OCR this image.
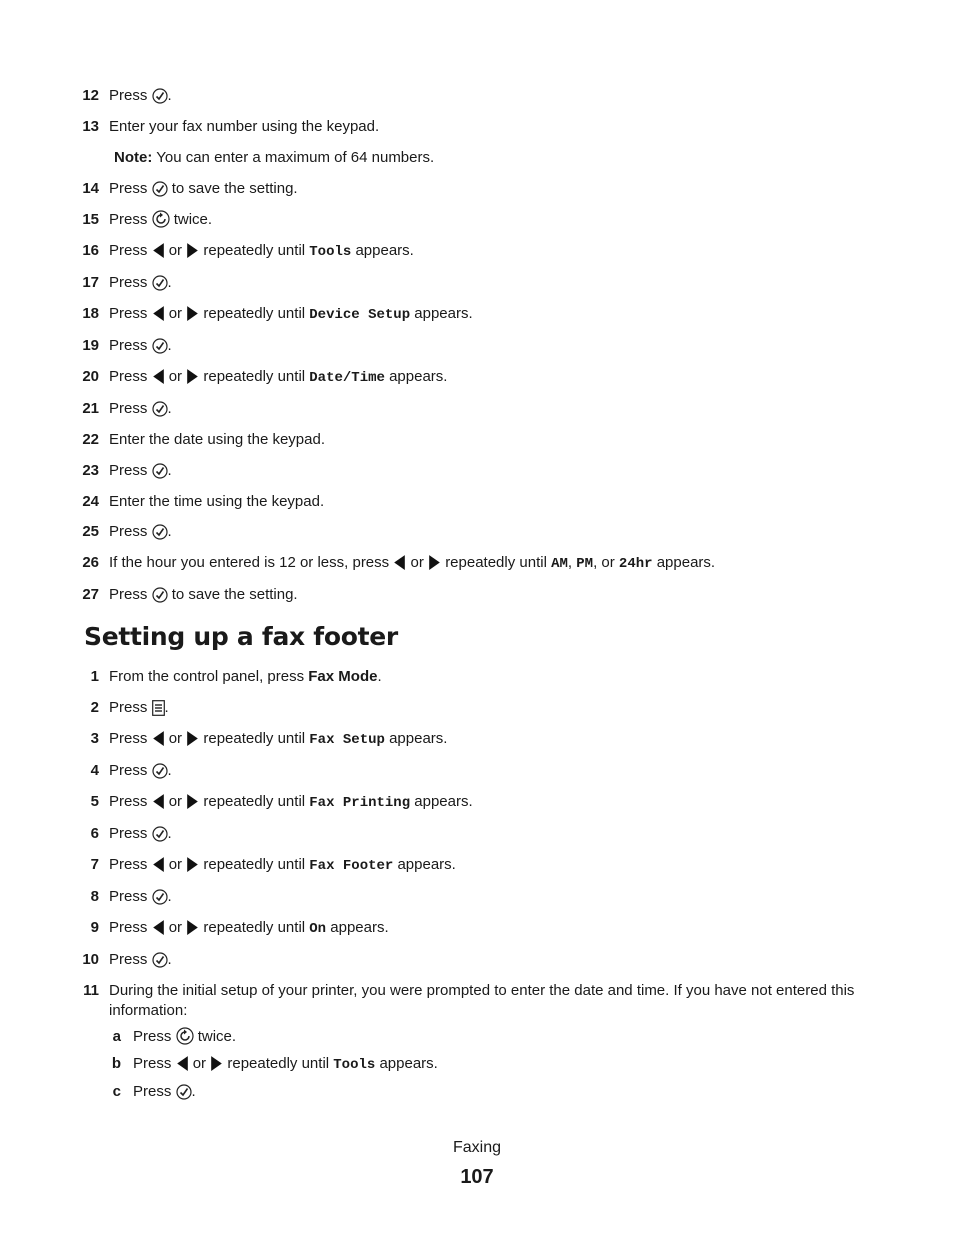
12 Press .
13 Enter your fax number using the keypad.
Note: You can enter a maximum of 64 numbers.
14 Press to save the setting.
15 Press twice.
16 Press or repeatedly until Tools appears.
17 Press .
18 Press or repeatedly until Device Setup appears.
19 Press .
20 Press or repeatedly until Date/Time appears.
21 Press .
22 Enter the date using the keypad.
23 Press .
24 Enter the time using the keypad.
25 Press .
26 If the hour you entered is 12 or less, press or repeatedly until AM, PM, or 24hr appears.
27 Press to save the setting.
Setting up a fax footer
1 From the control panel, press Fax Mode.
2 Press .
3 Press or repeatedly until Fax Setup appears.
4 Press .
5 Press or repeatedly until Fax Printing appears.
6 Press .
7 Press or repeatedly until Fax Footer appears.
8 Press .
9 Press or repeatedly until On appears.
10 Press .
11 During the initial setup of your printer, you were prompted to enter the date and time. If you have not entered this information:
a Press twice.
b Press or repeatedly until Tools appears.
c Press .
Faxing
107
